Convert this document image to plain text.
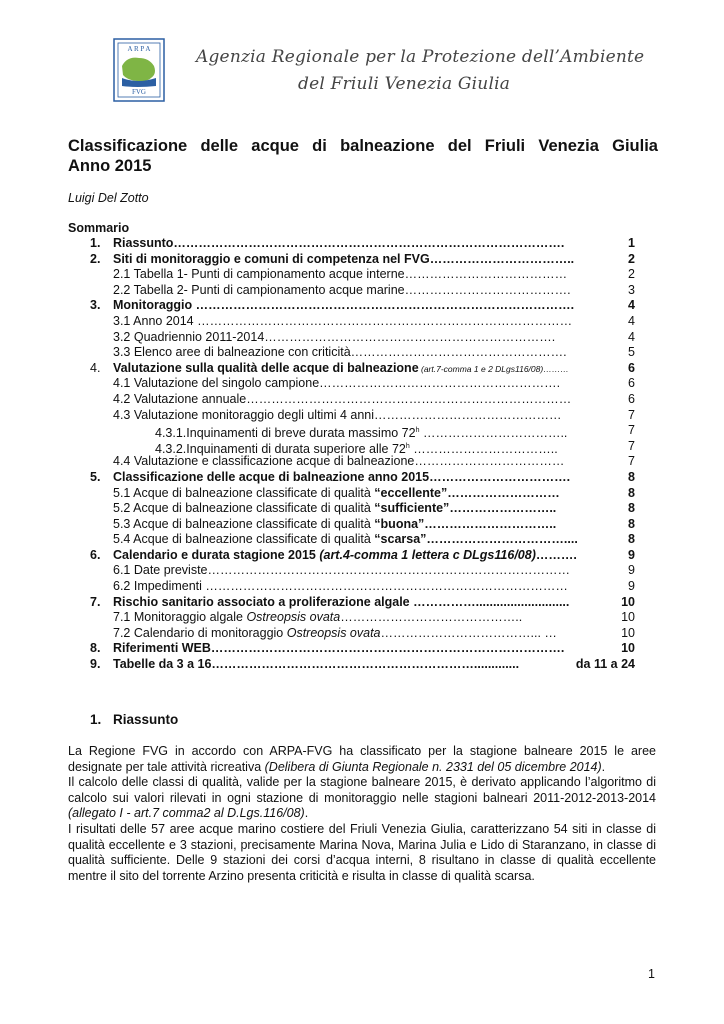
A R P A
FVG
Agenzia Regionale per la Protezione dell’Ambiente
del Friuli Venezia Giulia
Classificazione delle acque di balneazione del Friuli Venezia Giulia
Anno 2015
Luigi Del Zotto
Sommario
1. Riassunto………………………………………………………………………………….	1
2. Siti di monitoraggio e comuni di competenza nel FVG……………………………..	2
2.1 Tabella 1- Punti di campionamento acque interne…………………………………	2
2.2 Tabella 2- Punti di campionamento acque marine………………………………….	3
3. Monitoraggio ……………………………………………………………………………….	4
3.1 Anno 2014 ………………………………………………………………………………	4
3.2 Quadriennio 2011-2014…………………………………………………………….	4
3.3 Elenco aree di balneazione con criticità…………………………………………….	5
4. Valutazione sulla qualità delle acque di balneazione (art.7-comma 1 e 2 DLgs116/08)………	6
4.1 Valutazione del singolo campione………………………………………………….	6
4.2 Valutazione annuale……………………………………………………………………	6
4.3 Valutazione monitoraggio degli ultimi 4 anni………………………………………	7
4.3.1.Inquinamenti di breve durata massimo 72$^h$ ……………………………..	7
4.3.2.Inquinamenti di durata superiore alle 72$^h$ ……………………………..	7
4.4 Valutazione e classificazione acque di balneazione………………………………	7
5. Classificazione delle acque di balneazione anno 2015…………………………….	8
5.1 Acque di balneazione classificate di qualità “eccellente”………………………	8
5.2 Acque di balneazione classificate di qualità “sufficiente”……………………..	8
5.3 Acque di balneazione classificate di qualità “buona”…………………………..	8
5.4 Acque di balneazione classificate di qualità “scarsa”……………………………....	8
6. Calendario e durata stagione 2015 (art.4-comma 1 lettera c DLgs116/08)……….	9
6.1 Date previste……………………………………………………………………………	9
6.2 Impedimenti ……………………………………………………………………………	9
7. Rischio sanitario associato a proliferazione algale ……………...........................	10
7.1 Monitoraggio algale Ostreopsis ovata……………………………………..	10
7.2 Calendario di monitoraggio Ostreopsis ovata………………………………... …	10
8. Riferimenti WEB………………………………………………………………………….	10
9. Tabelle da 3 a 16……………………………………………………….............	da 11 a 24
1. Riassunto

La Regione FVG in accordo con ARPA-FVG ha classificato per la stagione balneare 2015 le aree designate per tale attività ricreativa (Delibera di Giunta Regionale n. 2331 del 05 dicembre 2014).

Il calcolo delle classi di qualità, valide per la stagione balneare 2015, è derivato applicando l’algoritmo di calcolo sui valori rilevati in ogni stazione di monitoraggio nelle stagioni balneari 2011-2012-2013-2014 (allegato I - art.7 comma2 al D.Lgs.116/08).

I risultati delle 57 aree acque marino costiere del Friuli Venezia Giulia, caratterizzano 54 siti in classe di qualità eccellente e 3 stazioni, precisamente Marina Nova, Marina Julia e Lido di Staranzano, in classe di qualità sufficiente. Delle 9 stazioni dei corsi d’acqua interni, 8 risultano in classe di qualità eccellente mentre il sito del torrente Arzino presenta criticità e risulta in classe di qualità scarsa.

1
